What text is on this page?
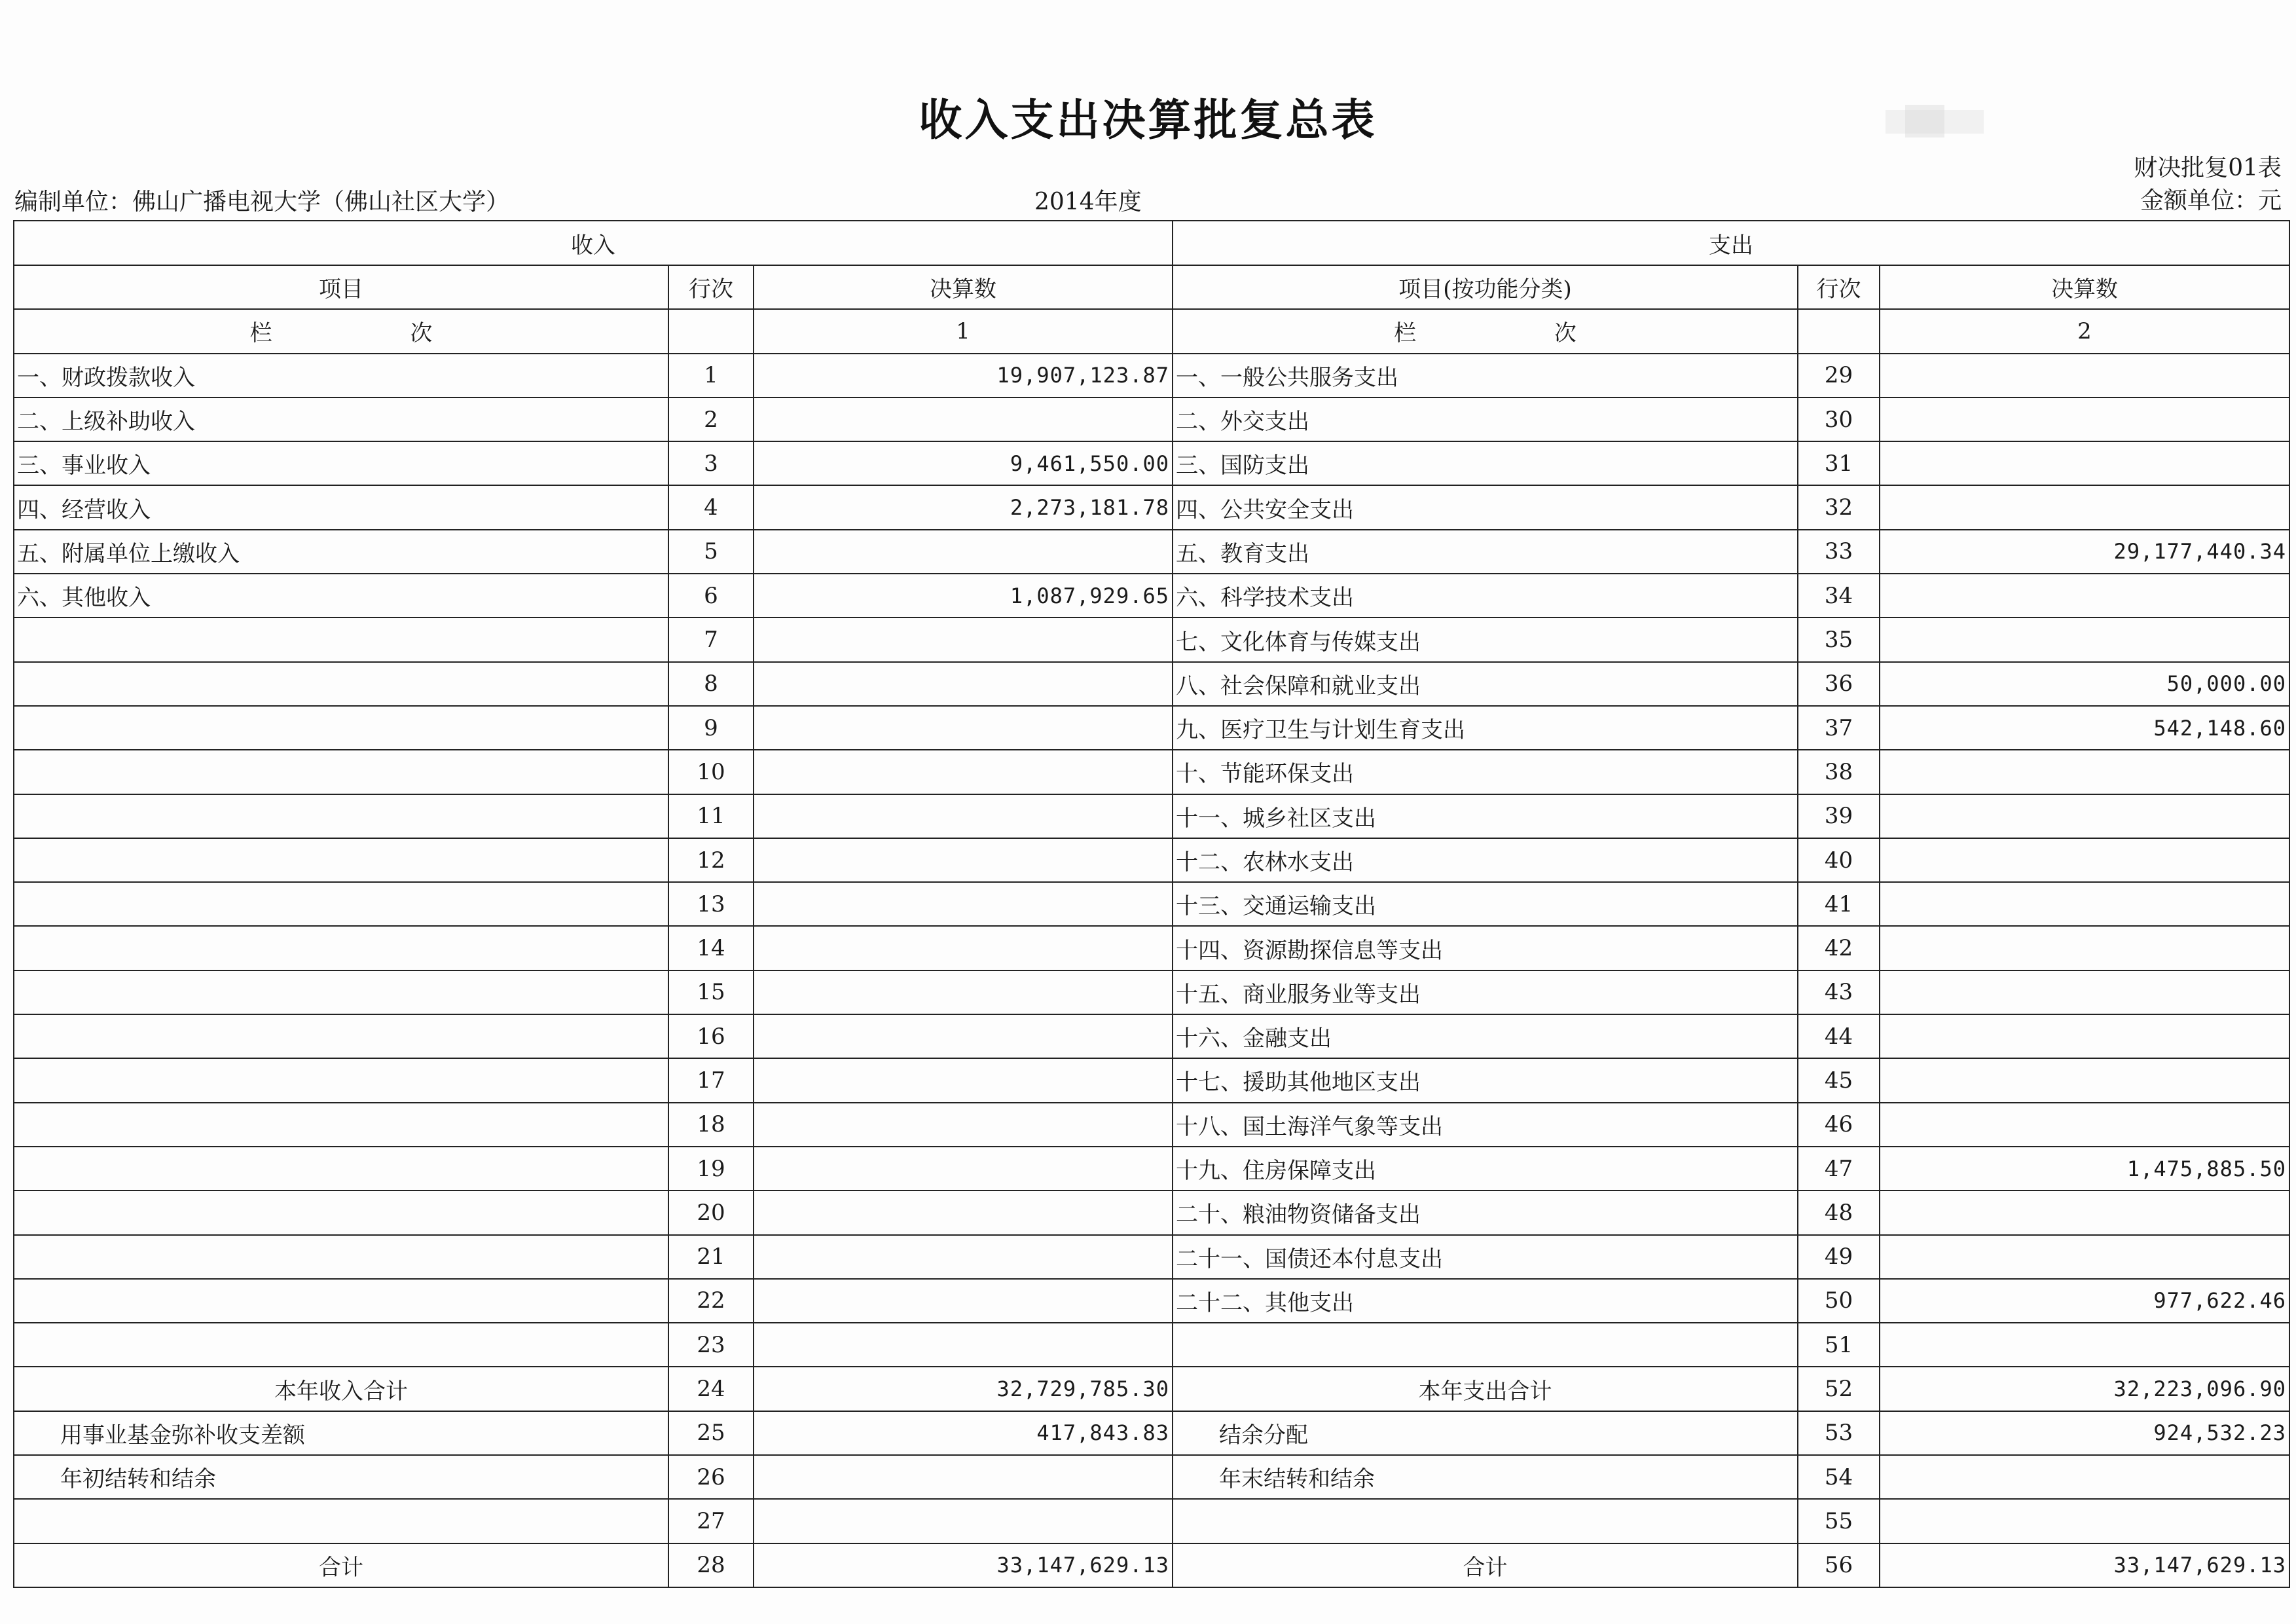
收入支出决算批复总表
编制单位：佛山广播电视大学（佛山社区大学）	2014年度
财决批复01表
金额单位：元
收入			支出		
项目	行次	决算数	项目(按功能分类)	行次	决算数
栏 次		1	栏 次		2
一、财政拨款收入	1	19,907,123.87	一、一般公共服务支出	29	
二、上级补助收入	2		二、外交支出	30	
三、事业收入	3	9,461,550.00	三、国防支出	31	
四、经营收入	4	2,273,181.78	四、公共安全支出	32	
五、附属单位上缴收入	5		五、教育支出	33	29,177,440.34
六、其他收入	6	1,087,929.65	六、科学技术支出	34	
	7		七、文化体育与传媒支出	35	
	8		八、社会保障和就业支出	36	50,000.00
	9		九、医疗卫生与计划生育支出	37	542,148.60
	10		十、节能环保支出	38	
	11		十一、城乡社区支出	39	
	12		十二、农林水支出	40	
	13		十三、交通运输支出	41	
	14		十四、资源勘探信息等支出	42	
	15		十五、商业服务业等支出	43	
	16		十六、金融支出	44	
	17		十七、援助其他地区支出	45	
	18		十八、国土海洋气象等支出	46	
	19		十九、住房保障支出	47	1,475,885.50
	20		二十、粮油物资储备支出	48	
	21		二十一、国债还本付息支出	49	
	22		二十二、其他支出	50	977,622.46
	23			51	
本年收入合计	24	32,729,785.30	本年支出合计	52	32,223,096.90
用事业基金弥补收支差额	25	417,843.83	结余分配	53	924,532.23
年初结转和结余	26		年末结转和结余	54	
	27			55	
合计	28	33,147,629.13	合计	56	33,147,629.13
